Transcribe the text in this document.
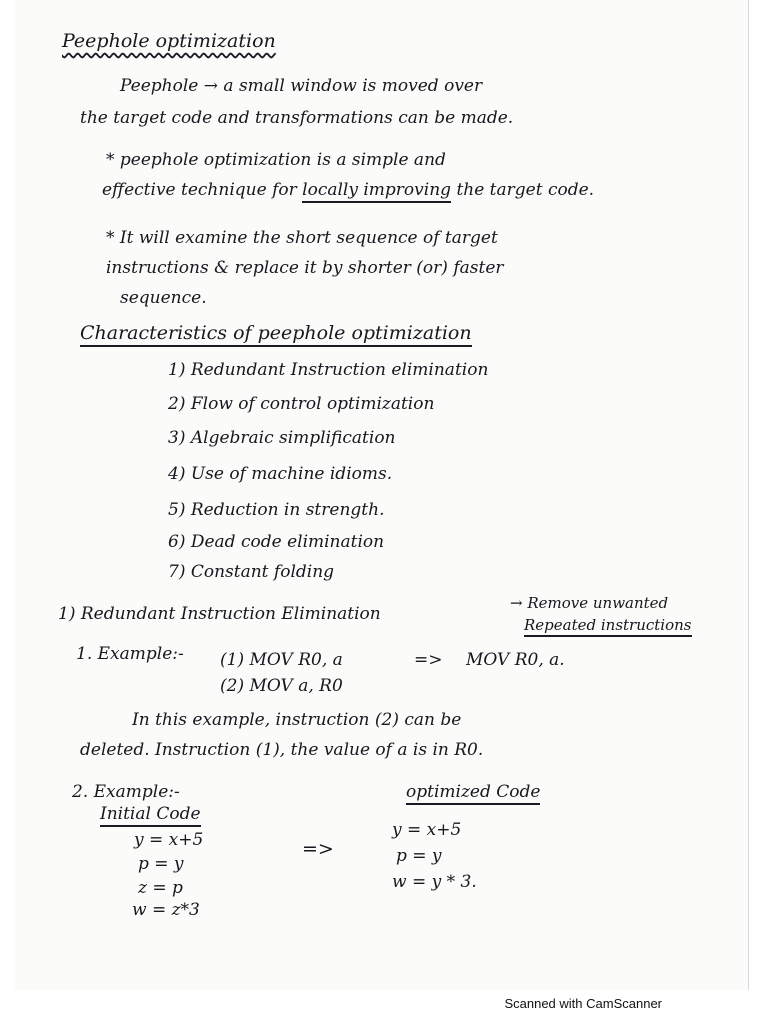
Peephole optimization
Peephole → a small window is moved over
the target code and transformations can be made.
* peephole optimization is a simple and
effective technique for locally improving the target code.
* It will examine the short sequence of target
instructions & replace it by shorter (or) faster
sequence.
Characteristics of peephole optimization
1) Redundant Instruction elimination
2) Flow of control optimization
3) Algebraic simplification
4) Use of machine idioms.
5) Reduction in strength.
6) Dead code elimination
7) Constant folding
1) Redundant Instruction Elimination
→ Remove unwanted
Repeated instructions
1. Example:- (1) MOV R0, a	=> MOV R0, a.
(2) MOV a, R0
In this example, instruction (2) can be
deleted. Instruction (1), the value of a is in R0.
2. Example:-
Initial Code
y = x+5
p = y
z = p
w = z*3
=>
optimized Code
y = x+5
p = y
w = y * 3.
Scanned with CamScanner
